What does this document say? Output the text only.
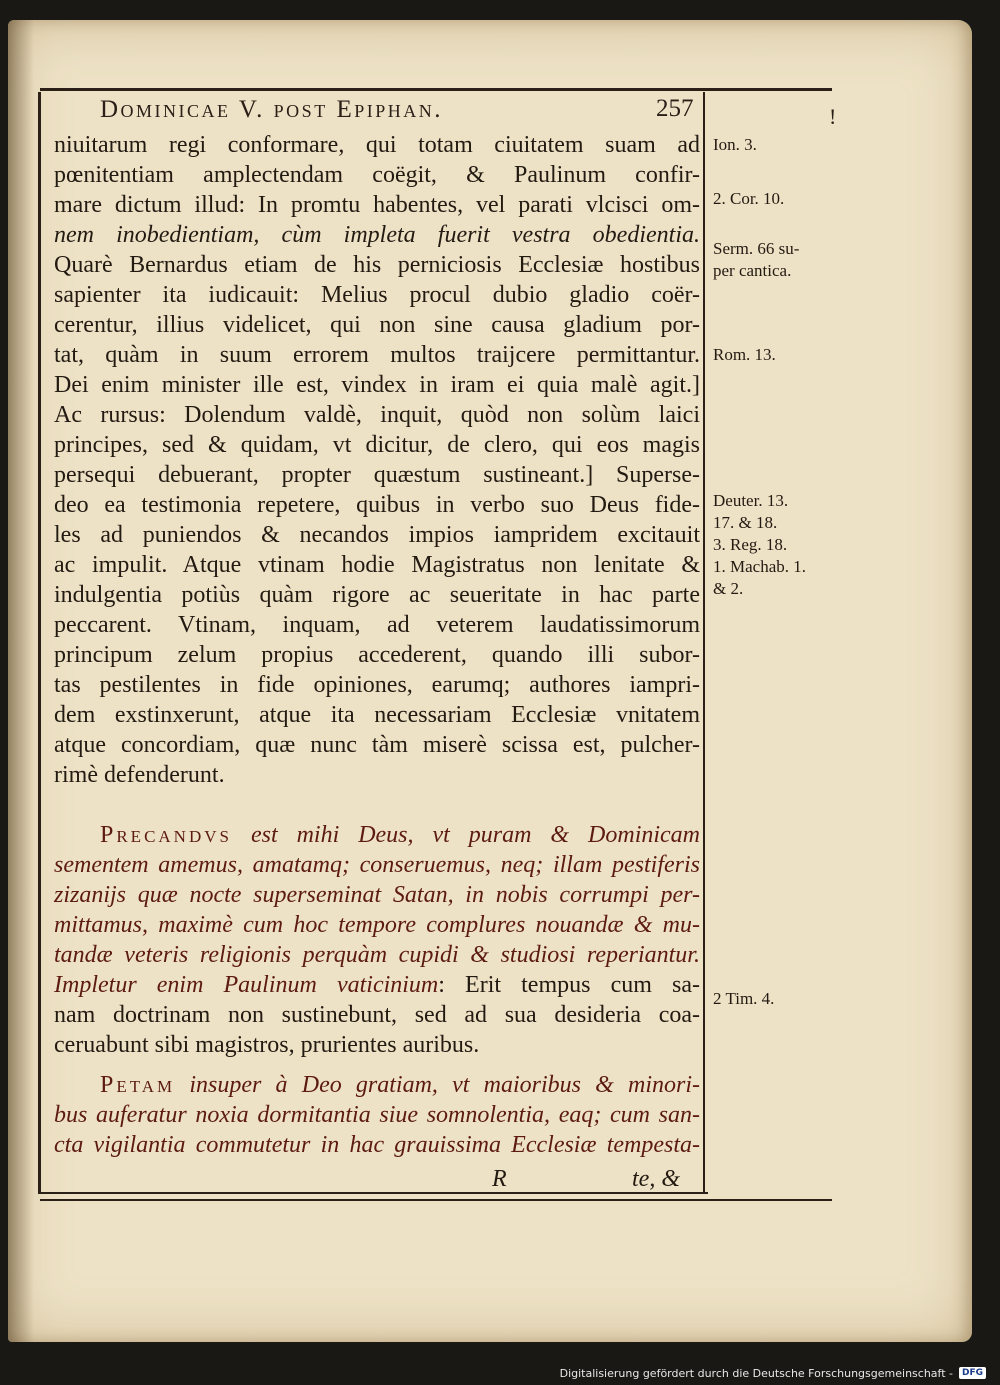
Dominicae V. post Epiphan.	257	!
niuitarum regi conformare, qui totam ciuitatem suam ad
pœnitentiam amplectendam coëgit, & Paulinum confir-
mare dictum illud: In promtu habentes, vel parati vlcisci om-
nem inobedientiam, cùm impleta fuerit vestra obedientia.
Quarè Bernardus etiam de his perniciosis Ecclesiæ hostibus
sapienter ita iudicauit: Melius procul dubio gladio coër-
cerentur, illius videlicet, qui non sine causa gladium por-
tat, quàm in suum errorem multos traijcere permittantur.
Dei enim minister ille est, vindex in iram ei quia malè agit.]
Ac rursus: Dolendum valdè, inquit, quòd non solùm laici
principes, sed & quidam, vt dicitur, de clero, qui eos magis
persequi debuerant, propter quæstum sustineant.] Superse-
deo ea testimonia repetere, quibus in verbo suo Deus fide-
les ad puniendos & necandos impios iampridem excitauit
ac impulit. Atque vtinam hodie Magistratus non lenitate &
indulgentia potiùs quàm rigore ac seueritate in hac parte
peccarent. Vtinam, inquam, ad veterem laudatissimorum
principum zelum propius accederent, quando illi subor-
tas pestilentes in fide opiniones, earumq; authores iampri-
dem exstinxerunt, atque ita necessariam Ecclesiæ vnitatem
atque concordiam, quæ nunc tàm miserè scissa est, pulcher-
rimè defenderunt.
Precandvs est mihi Deus, vt puram & Dominicam
sementem amemus, amatamq; conseruemus, neq; illam pestiferis
zizanijs quæ nocte superseminat Satan, in nobis corrumpi per-
mittamus, maximè cum hoc tempore complures nouandæ & mu-
tandæ veteris religionis perquàm cupidi & studiosi reperiantur.
Impletur enim Paulinum vaticinium: Erit tempus cum sa-
nam doctrinam non sustinebunt, sed ad sua desideria coa-
ceruabunt sibi magistros, prurientes auribus.
Petam insuper à Deo gratiam, vt maioribus & minori-
bus auferatur noxia dormitantia siue somnolentia, eaq; cum san-
cta vigilantia commutetur in hac grauissima Ecclesiæ tempesta-
R	te, &
Ion. 3.
2. Cor. 10.
Serm. 66 su-
per cantica.
Rom. 13.
Deuter. 13.
17. & 18.
3. Reg. 18.
1. Machab. 1.
& 2.
2 Tim. 4.
Digitalisierung gefördert durch die Deutsche Forschungsgemeinschaft -	DFG
